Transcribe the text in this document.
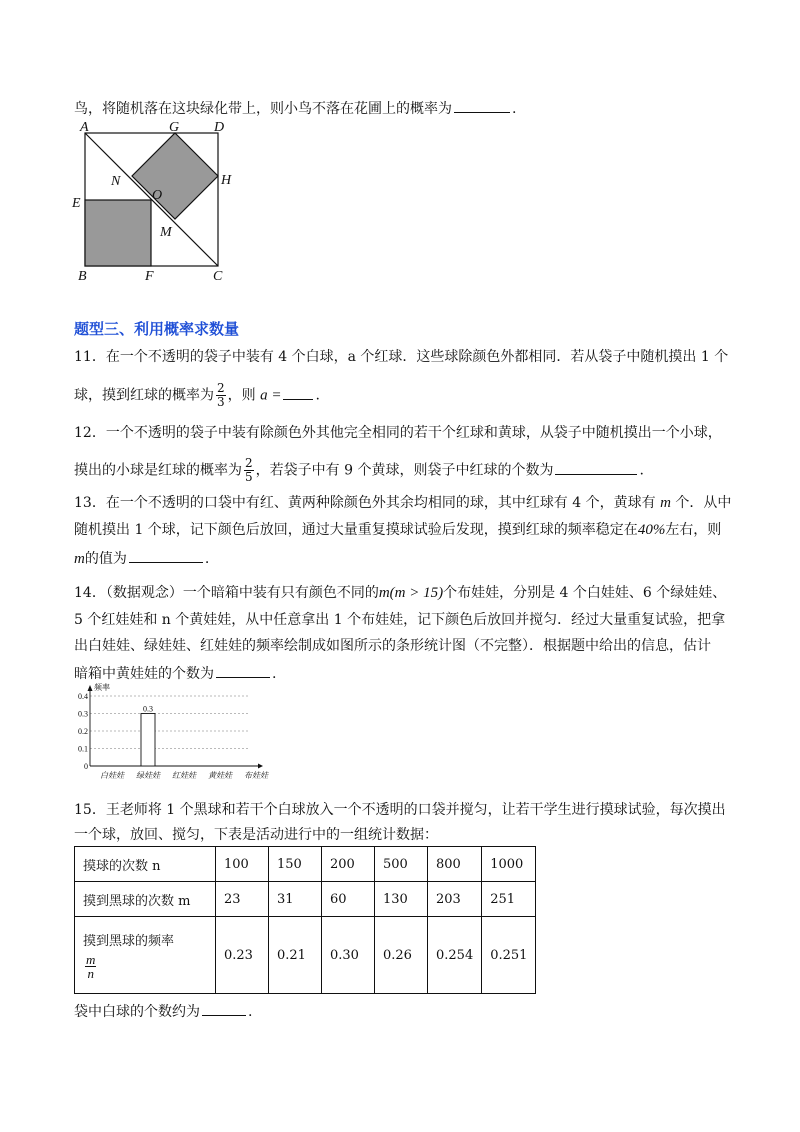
鸟，将随机落在这块绿化带上，则小鸟不落在花圃上的概率为	.
A	G D
N	H
O
E
M
B	F	C
题型三、利用概率求数量
11．在一个不透明的袋子中装有 4 个白球，a 个红球．这些球除颜色外都相同．若从袋子中随机摸出 1 个
球，摸到红球的概率为 $\frac{2}{3}$ ，则 a = .
12．一个不透明的袋子中装有除颜色外其他完全相同的若干个红球和黄球，从袋子中随机摸出一个小球，
摸出的小球是红球的概率为 $\frac{2}{5}$ ，若袋子中有 9 个黄球，则袋子中红球的个数为	.
13．在一个不透明的口袋中有红、黄两种除颜色外其余均相同的球，其中红球有 4 个，黄球有 m 个．从中
随机摸出 1 个球，记下颜色后放回，通过大量重复摸球试验后发现，摸到红球的频率稳定在40%左右，则
m的值为	.
14．（数据观念）一个暗箱中装有只有颜色不同的m(m > 15)个布娃娃，分别是 4 个白娃娃、6 个绿娃娃、
5 个红娃娃和 n 个黄娃娃，从中任意拿出 1 个布娃娃，记下颜色后放回并搅匀．经过大量重复试验，把拿
出白娃娃、绿娃娃、红娃娃的频率绘制成如图所示的条形统计图（不完整）．根据题中给出的信息，估计
暗箱中黄娃娃的个数为	.
0
0.1
0.2
0.3
0.4
频率
白娃娃 绿娃娃 红娃娃 黄娃娃 布娃娃
0.3
15．王老师将 1 个黑球和若干个白球放入一个不透明的口袋并搅匀，让若干学生进行摸球试验，每次摸出
一个球，放回、搅匀，下表是活动进行中的一组统计数据：
摸球的次数 n	100	150	200	500	800	1000
摸到黑球的次数 m	23	31	60	130	203	251

摸到黑球的频率
$\frac{m}{n}$	0.23	0.21	0.30	0.26	0.254	0.251
袋中白球的个数约为	.
